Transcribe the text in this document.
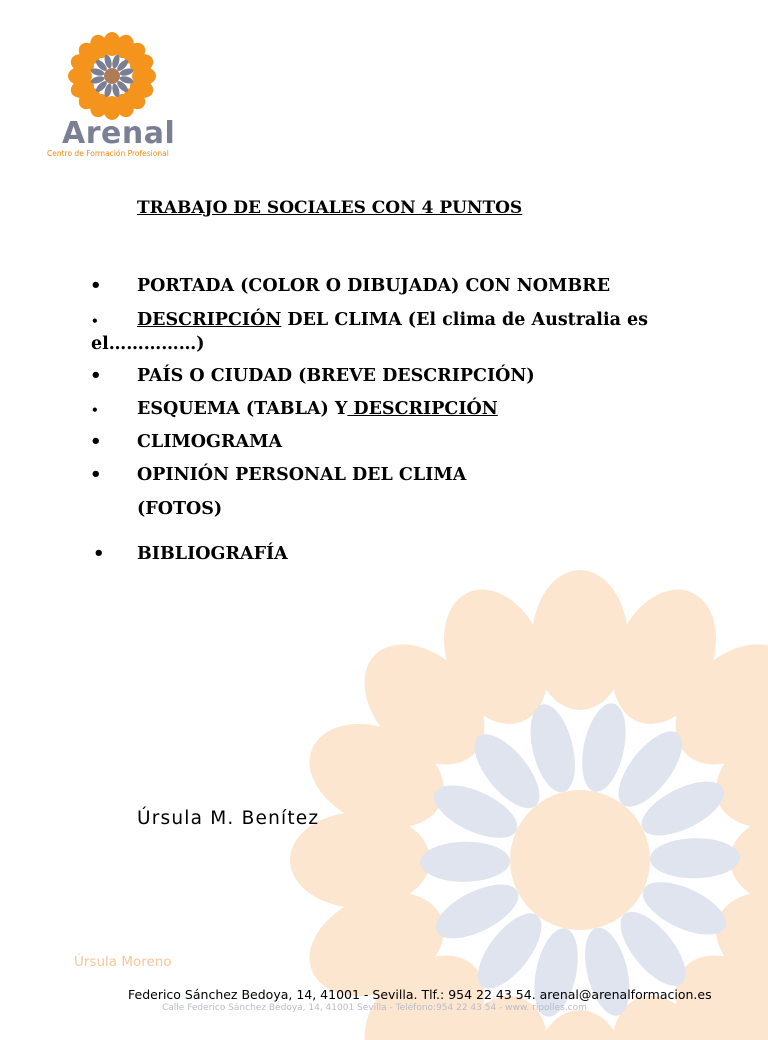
Arenal
Centro de Formación Profesional
TRABAJO DE SOCIALES CON 4 PUNTOS
• PORTADA (COLOR O DIBUJADA) CON NOMBRE
• DESCRIPCIÓN DEL CLIMA (El clima de Australia es
el……………)
• PAÍS O CIUDAD (BREVE DESCRIPCIÓN)
• ESQUEMA (TABLA) Y DESCRIPCIÓN
• CLIMOGRAMA
• OPINIÓN PERSONAL DEL CLIMA
(FOTOS)
• BIBLIOGRAFÍA
Úrsula M. Benítez
Úrsula Moreno
Federico Sánchez Bedoya, 14, 41001 - Sevilla. Tlf.: 954 22 43 54. arenal@arenalformacion.es
Calle Federico Sánchez Bedoya, 14, 41001 Sevilla - Teléfono:954 22 43 54 - www. ripolles.com
